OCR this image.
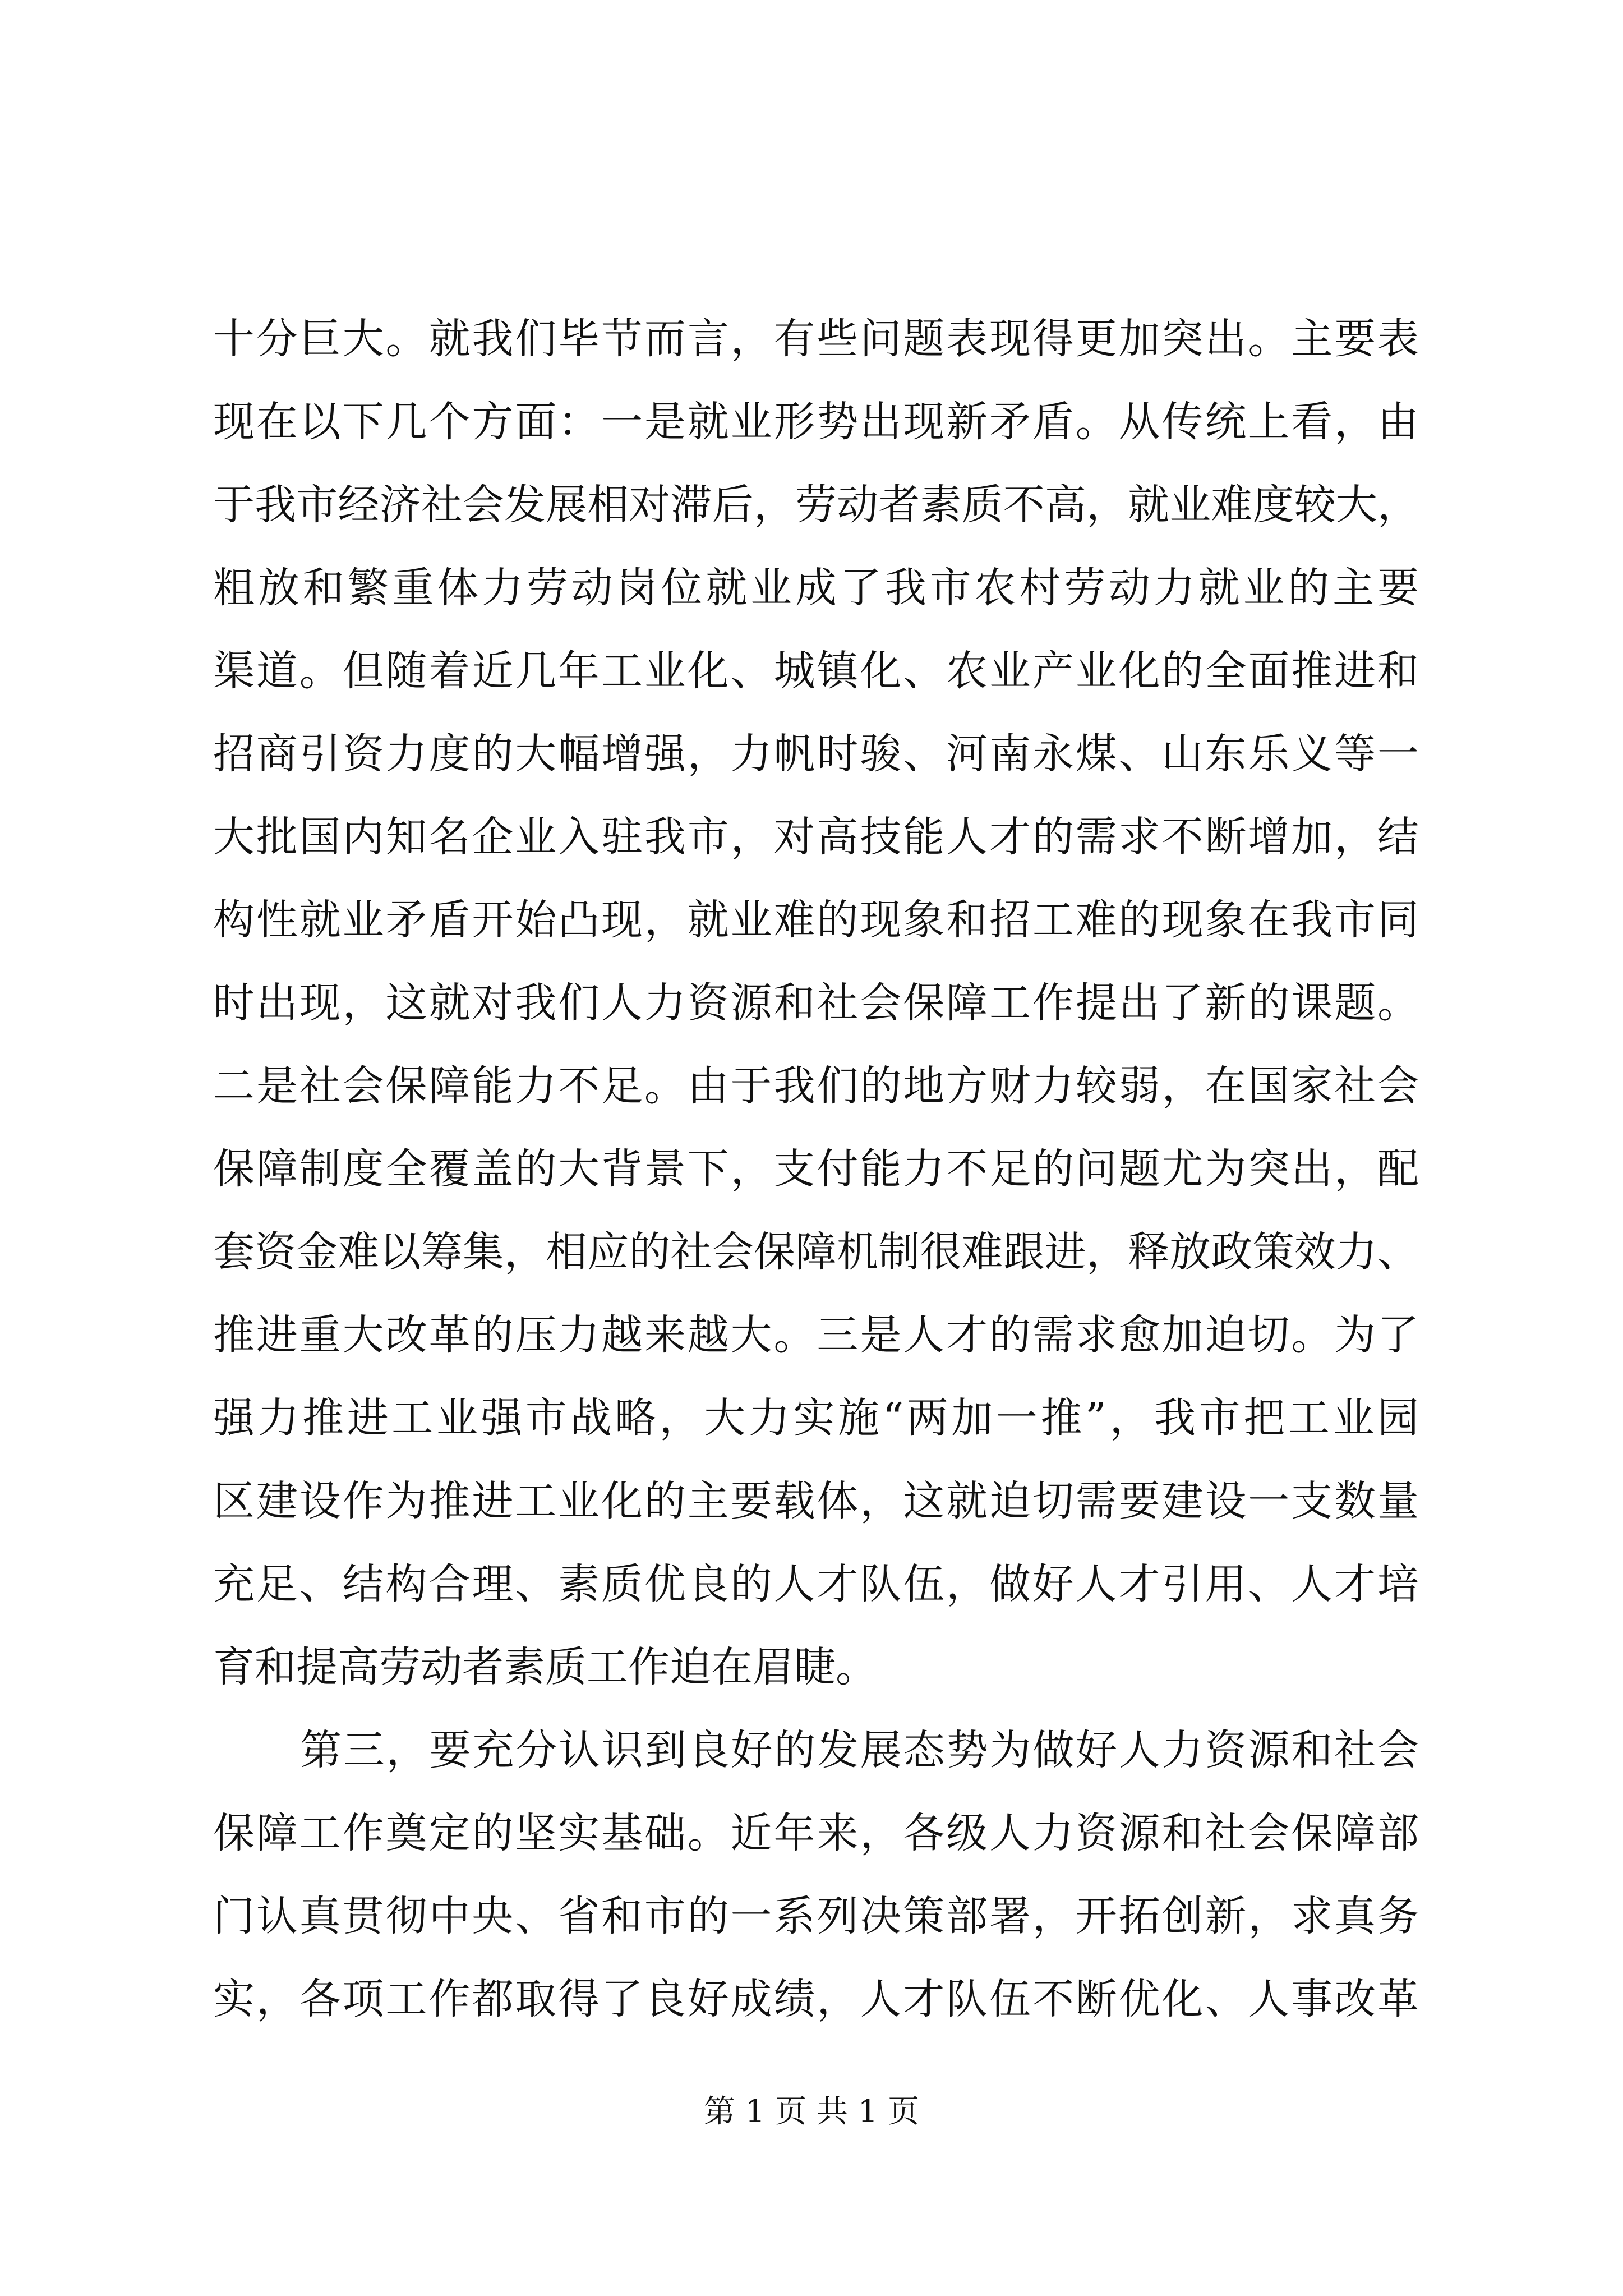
十分巨大。就我们毕节而言，有些问题表现得更加突出。主要表
现在以下几个方面：一是就业形势出现新矛盾。从传统上看，由
于我市经济社会发展相对滞后，劳动者素质不高，就业难度较大，
粗放和繁重体力劳动岗位就业成了我市农村劳动力就业的主要
渠道。但随着近几年工业化、城镇化、农业产业化的全面推进和
招商引资力度的大幅增强，力帆时骏、河南永煤、山东乐义等一
大批国内知名企业入驻我市，对高技能人才的需求不断增加，结
构性就业矛盾开始凸现，就业难的现象和招工难的现象在我市同
时出现，这就对我们人力资源和社会保障工作提出了新的课题。
二是社会保障能力不足。由于我们的地方财力较弱，在国家社会
保障制度全覆盖的大背景下，支付能力不足的问题尤为突出，配
套资金难以筹集，相应的社会保障机制很难跟进，释放政策效力、
推进重大改革的压力越来越大。三是人才的需求愈加迫切。为了
强力推进工业强市战略，大力实施“两加一推”，我市把工业园
区建设作为推进工业化的主要载体，这就迫切需要建设一支数量
充足、结构合理、素质优良的人才队伍，做好人才引用、人才培
育和提高劳动者素质工作迫在眉睫。
第三，要充分认识到良好的发展态势为做好人力资源和社会
保障工作奠定的坚实基础。近年来，各级人力资源和社会保障部
门认真贯彻中央、省和市的一系列决策部署，开拓创新，求真务
实，各项工作都取得了良好成绩，人才队伍不断优化、人事改革
第 1 页 共 1 页
